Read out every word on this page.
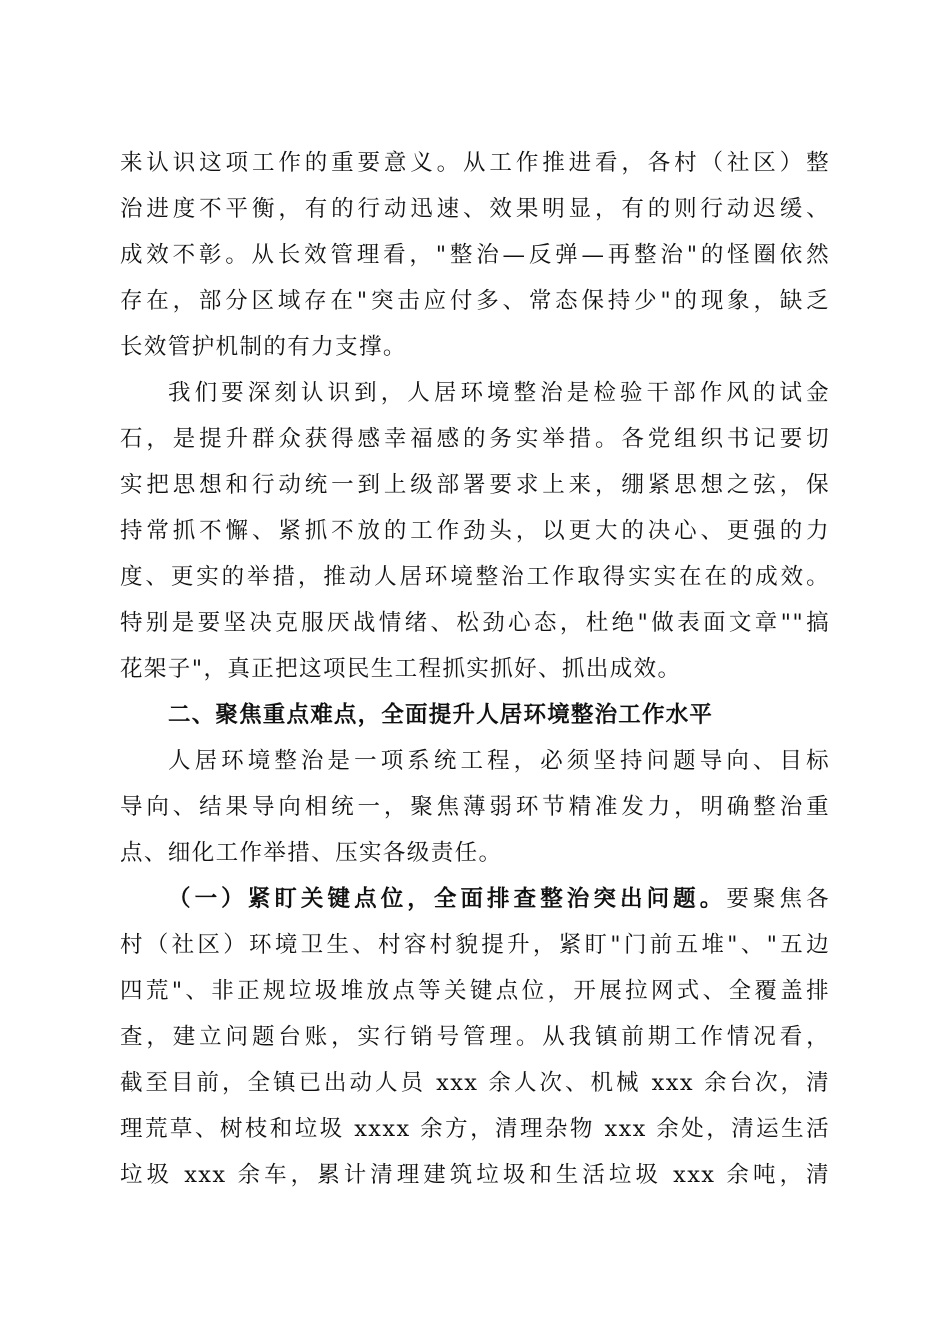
来认识这项工作的重要意义。从工作推进看，各村（社区）整
治进度不平衡，有的行动迅速、效果明显，有的则行动迟缓、
成效不彰。从长效管理看，"整治—反弹—再整治"的怪圈依然
存在，部分区域存在"突击应付多、常态保持少"的现象，缺乏
长效管护机制的有力支撑。
我们要深刻认识到，人居环境整治是检验干部作风的试金
石，是提升群众获得感幸福感的务实举措。各党组织书记要切
实把思想和行动统一到上级部署要求上来，绷紧思想之弦，保
持常抓不懈、紧抓不放的工作劲头，以更大的决心、更强的力
度、更实的举措，推动人居环境整治工作取得实实在在的成效。
特别是要坚决克服厌战情绪、松劲心态，杜绝"做表面文章""搞
花架子"，真正把这项民生工程抓实抓好、抓出成效。
二、聚焦重点难点，全面提升人居环境整治工作水平
人居环境整治是一项系统工程，必须坚持问题导向、目标
导向、结果导向相统一，聚焦薄弱环节精准发力，明确整治重
点、细化工作举措、压实各级责任。
（一）紧盯关键点位，全面排查整治突出问题。要聚焦各
村（社区）环境卫生、村容村貌提升，紧盯"门前五堆"、"五边
四荒"、非正规垃圾堆放点等关键点位，开展拉网式、全覆盖排
查，建立问题台账，实行销号管理。从我镇前期工作情况看，
截至目前，全镇已出动人员 xxx 余人次、机械 xxx 余台次，清
理荒草、树枝和垃圾 xxxx 余方，清理杂物 xxx 余处，清运生活
垃圾 xxx 余车，累计清理建筑垃圾和生活垃圾 xxx 余吨，清
